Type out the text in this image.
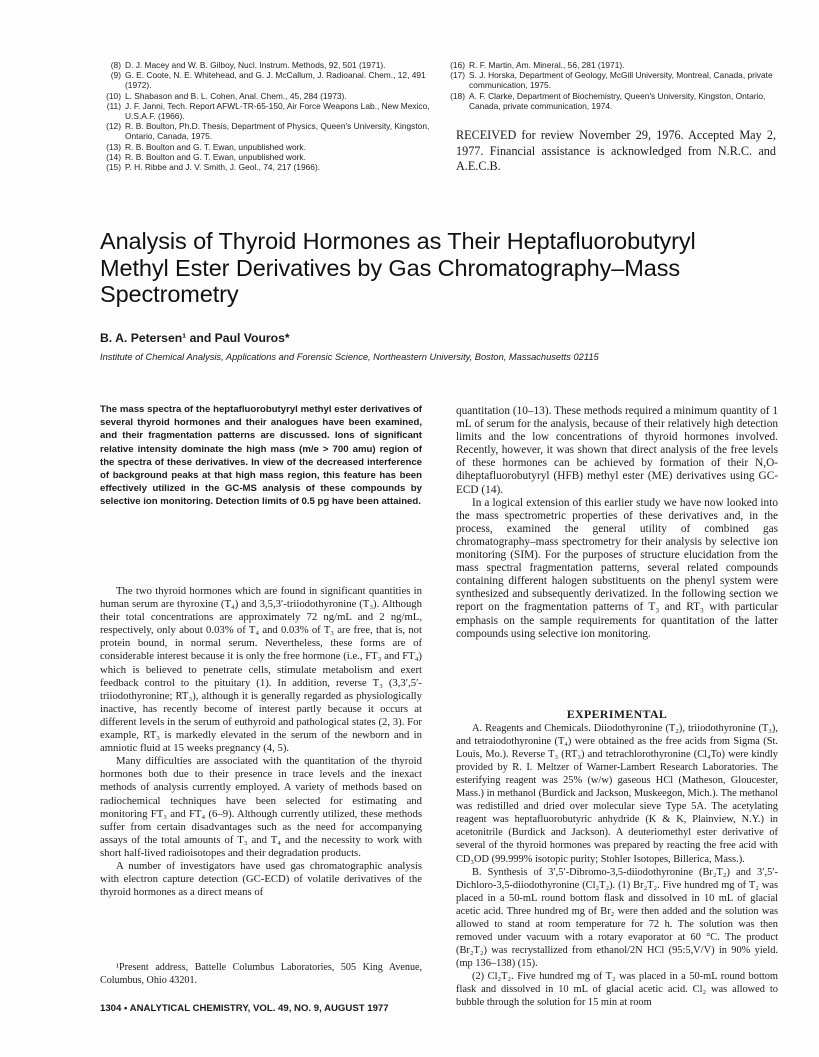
(8) D. J. Macey and W. B. Gilboy, Nucl. Instrum. Methods, 92, 501 (1971).
(9) G. E. Coote, N. E. Whitehead, and G. J. McCallum, J. Radioanal. Chem., 12, 491 (1972).
(10) L. Shabason and B. L. Cohen, Anal. Chem., 45, 284 (1973).
(11) J. F. Janni, Tech. Report AFWL-TR-65-150, Air Force Weapons Lab., New Mexico, U.S.A.F. (1966).
(12) R. B. Boulton, Ph.D. Thesis, Department of Physics, Queen's University, Kingston, Ontario, Canada, 1975.
(13) R. B. Boulton and G. T. Ewan, unpublished work.
(14) R. B. Boulton and G. T. Ewan, unpublished work.
(15) P. H. Ribbe and J. V. Smith, J. Geol., 74, 217 (1966).
(16) R. F. Martin, Am. Mineral., 56, 281 (1971).
(17) S. J. Horska, Department of Geology, McGill University, Montreal, Canada, private communication, 1975.
(18) A. F. Clarke, Department of Biochemistry, Queen's University, Kingston, Ontario, Canada, private communication, 1974.
RECEIVED for review November 29, 1976. Accepted May 2, 1977. Financial assistance is acknowledged from N.R.C. and A.E.C.B.
Analysis of Thyroid Hormones as Their Heptafluorobutyryl
Methyl Ester Derivatives by Gas Chromatography–Mass
Spectrometry
B. A. Petersen¹ and Paul Vouros*
Institute of Chemical Analysis, Applications and Forensic Science, Northeastern University, Boston, Massachusetts 02115
The mass spectra of the heptafluorobutyryl methyl ester derivatives of several thyroid hormones and their analogues have been examined, and their fragmentation patterns are discussed. Ions of significant relative intensity dominate the high mass (m/e > 700 amu) region of the spectra of these derivatives. In view of the decreased interference of background peaks at that high mass region, this feature has been effectively utilized in the GC-MS analysis of these compounds by selective ion monitoring. Detection limits of 0.5 pg have been attained.

The two thyroid hormones which are found in significant quantities in human serum are thyroxine (T₄) and 3,5,3′-triiodothyronine (T₃). Although their total concentrations are approximately 72 ng/mL and 2 ng/mL, respectively, only about 0.03% of T₄ and 0.03% of T₃ are free, that is, not protein bound, in normal serum. Nevertheless, these forms are of considerable interest because it is only the free hormone (i.e., FT₃ and FT₄) which is believed to penetrate cells, stimulate metabolism and exert feedback control to the pituitary (1). In addition, reverse T₃ (3,3′,5′-triiodothyronine; RT₃), although it is generally regarded as physiologically inactive, has recently become of interest partly because it occurs at different levels in the serum of euthyroid and pathological states (2, 3). For example, RT₃ is markedly elevated in the serum of the newborn and in amniotic fluid at 15 weeks pregnancy (4, 5).

Many difficulties are associated with the quantitation of the thyroid hormones both due to their presence in trace levels and the inexact methods of analysis currently employed. A variety of methods based on radiochemical techniques have been selected for estimating and monitoring FT₃ and FT₄ (6–9). Although currently utilized, these methods suffer from certain disadvantages such as the need for accompanying assays of the total amounts of T₃ and T₄ and the necessity to work with short half-lived radioisotopes and their degradation products.

A number of investigators have used gas chromatographic analysis with electron capture detection (GC-ECD) of volatile derivatives of the thyroid hormones as a direct means of

¹Present address, Battelle Columbus Laboratories, 505 King Avenue, Columbus, Ohio 43201.
1304 • ANALYTICAL CHEMISTRY, VOL. 49, NO. 9, AUGUST 1977

quantitation (10–13). These methods required a minimum quantity of 1 mL of serum for the analysis, because of their relatively high detection limits and the low concentrations of thyroid hormones involved. Recently, however, it was shown that direct analysis of the free levels of these hormones can be achieved by formation of their N,O-diheptafluorobutyryl (HFB) methyl ester (ME) derivatives using GC-ECD (14).

In a logical extension of this earlier study we have now looked into the mass spectrometric properties of these derivatives and, in the process, examined the general utility of combined gas chromatography–mass spectrometry for their analysis by selective ion monitoring (SIM). For the purposes of structure elucidation from the mass spectral fragmentation patterns, several related compounds containing different halogen substituents on the phenyl system were synthesized and subsequently derivatized. In the following section we report on the fragmentation patterns of T₃ and RT₃ with particular emphasis on the sample requirements for quantitation of the latter compounds using selective ion monitoring.

EXPERIMENTAL

A. Reagents and Chemicals. Diiodothyronine (T₂), triiodothyronine (T₃), and tetraiodothyronine (T₄) were obtained as the free acids from Sigma (St. Louis, Mo.). Reverse T₃ (RT₃) and tetrachlorothyronine (Cl₄To) were kindly provided by R. I. Meltzer of Warner-Lambert Research Laboratories. The esterifying reagent was 25% (w/w) gaseous HCl (Matheson, Gloucester, Mass.) in methanol (Burdick and Jackson, Muskeegon, Mich.). The methanol was redistilled and dried over molecular sieve Type 5A. The acetylating reagent was heptafluorobutyric anhydride (K & K, Plainview, N.Y.) in acetonitrile (Burdick and Jackson). A deuteriomethyl ester derivative of several of the thyroid hormones was prepared by reacting the free acid with CD₃OD (99.999% isotopic purity; Stohler Isotopes, Billerica, Mass.).

B. Synthesis of 3′,5′-Dibromo-3,5-diiodothyronine (Br₂T₂) and 3′,5′-Dichloro-3,5-diiodothyronine (Cl₂T₂). (1) Br₂T₂. Five hundred mg of T₂ was placed in a 50-mL round bottom flask and dissolved in 10 mL of glacial acetic acid. Three hundred mg of Br₂ were then added and the solution was allowed to stand at room temperature for 72 h. The solution was then removed under vacuum with a rotary evaporator at 60 °C. The product (Br₂T₂) was recrystallized from ethanol/2N HCl (95:5,V/V) in 90% yield. (mp 136–138) (15).

(2) Cl₂T₂. Five hundred mg of T₂ was placed in a 50-mL round bottom flask and dissolved in 10 mL of glacial acetic acid. Cl₂ was allowed to bubble through the solution for 15 min at room
